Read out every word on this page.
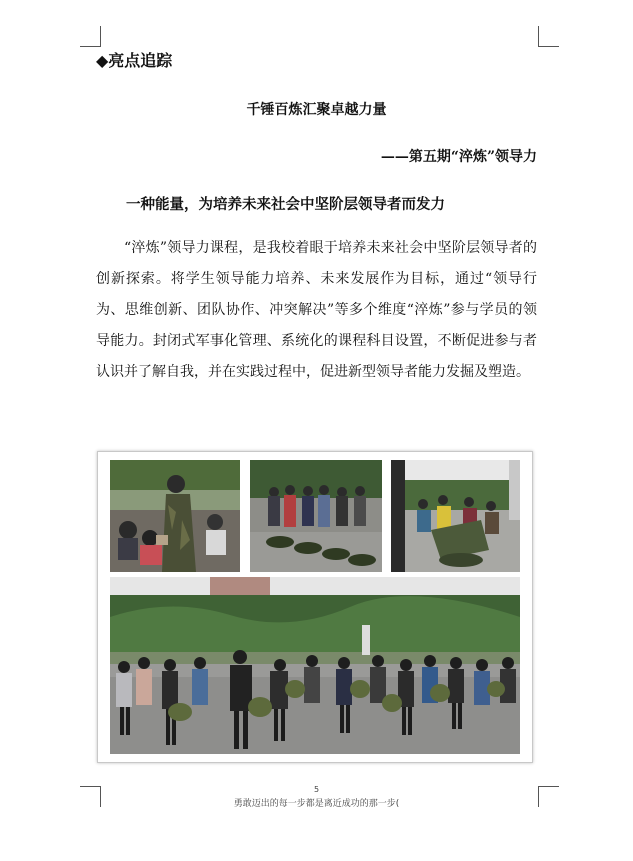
◆亮点追踪
千锤百炼汇聚卓越力量
——第五期“淬炼”领导力
一种能量，为培养未来社会中坚阶层领导者而发力

“淬炼”领导力课程，是我校着眼于培养未来社会中坚阶层领导者的创新探索。将学生领导能力培养、未来发展作为目标，通过“领导行为、思维创新、团队协作、冲突解决”等多个维度“淬炼”参与学员的领导能力。封闭式军事化管理、系统化的课程科目设置，不断促进参与者认识并了解自我，并在实践过程中，促进新型领导者能力发掘及塑造。

5
勇敢迈出的每一步都是离近成功的那一步(
